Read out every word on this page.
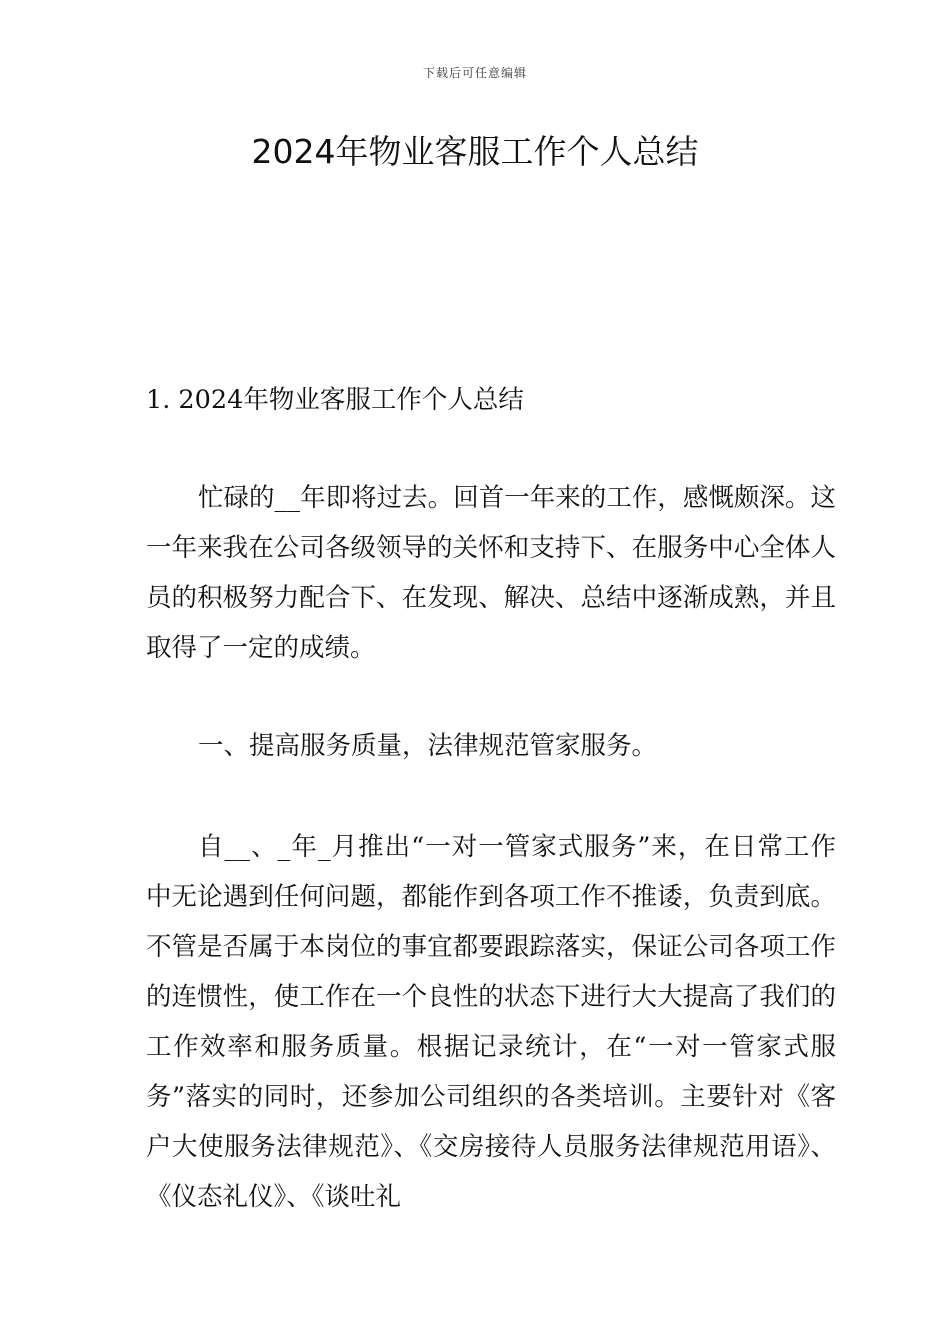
下载后可任意编辑
2024年物业客服工作个人总结
1. 2024年物业客服工作个人总结

忙碌的__年即将过去。回首一年来的工作，感慨颇深。这一年来我在公司各级领导的关怀和支持下、在服务中心全体人员的积极努力配合下、在发现、解决、总结中逐渐成熟，并且取得了一定的成绩。

一、提高服务质量，法律规范管家服务。

自__、_年_月推出“一对一管家式服务”来，在日常工作中无论遇到任何问题，都能作到各项工作不推诿，负责到底。不管是否属于本岗位的事宜都要跟踪落实，保证公司各项工作的连惯性，使工作在一个良性的状态下进行大大提高了我们的工作效率和服务质量。根据记录统计，在“一对一管家式服务”落实的同时，还参加公司组织的各类培训。主要针对《客户大使服务法律规范》、《交房接待人员服务法律规范用语》、《仪态礼仪》、《谈吐礼
